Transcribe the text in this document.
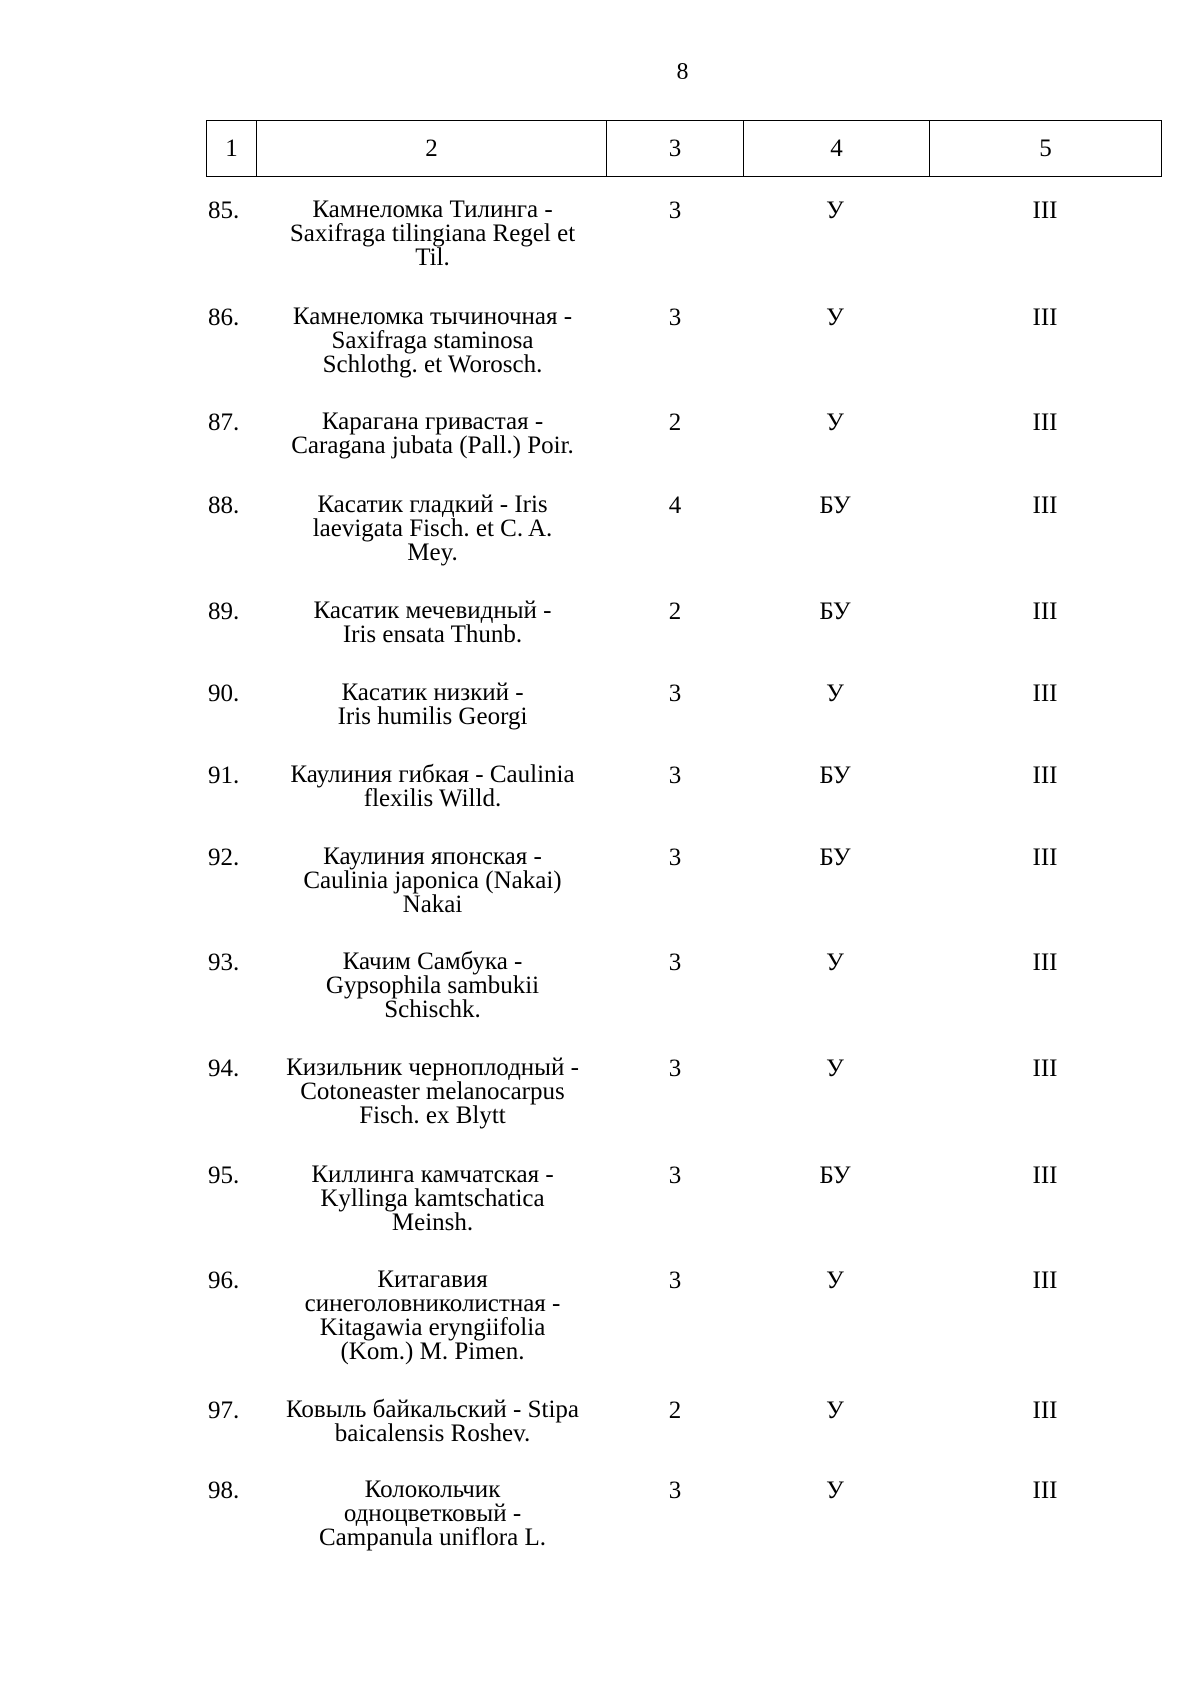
8
1	2	3	4	5
85.	Камнеломка Тилинга -
Saxifraga tilingiana Regel et
Til.
3	У	III
86.	Камнеломка тычиночная -
Saxifraga staminosa
Schlothg. et Worosch.
3	У	III
87.	Карагана гривастая -
Caragana jubata (Pall.) Poir.
2	У	III
88.	Касатик гладкий - Iris
laevigata Fisch. et C. A.
Mey.
4	БУ	III
89.	Касатик мечевидный -
Iris ensata Thunb.
2	БУ	III
90.	Касатик низкий -
Iris humilis Georgi
3	У	III
91.	Каулиния гибкая - Caulinia
flexilis Willd.
3	БУ	III
92.	Каулиния японская -
Caulinia japonica (Nakai)
Nakai
3	БУ	III
93.	Качим Самбука -
Gypsophila sambukii
Schischk.
3	У	III
94.	Кизильник черноплодный -
Cotoneaster melanocarpus
Fisch. ex Blytt
3	У	III
95.	Киллинга камчатская -
Kyllinga kamtschatica
Meinsh.
3	БУ	III
96.	Китагавия
синеголовниколистная -
Kitagawia eryngiifolia
(Kom.) M. Pimen.
3	У	III
97.	Ковыль байкальский - Stipa
baicalensis Roshev.
2	У	III
98.	Колокольчик
одноцветковый -
Campanula uniflora L.
3	У	III
